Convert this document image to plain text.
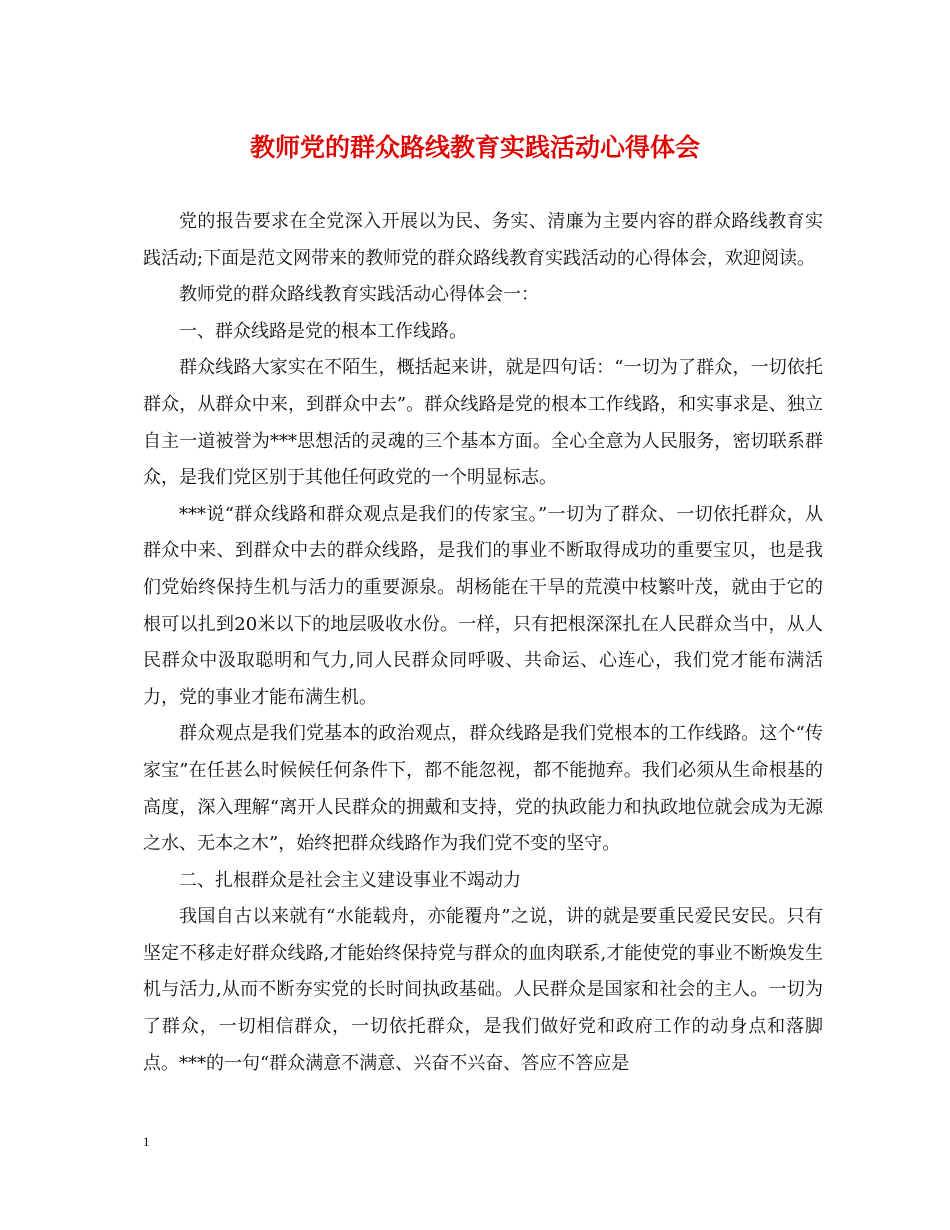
教师党的群众路线教育实践活动心得体会

党的报告要求在全党深入开展以为民、务实、清廉为主要内容的群众路线教育实践活动;下面是范文网带来的教师党的群众路线教育实践活动的心得体会，欢迎阅读。

教师党的群众路线教育实践活动心得体会一：

一、群众线路是党的根本工作线路。

群众线路大家实在不陌生，概括起来讲，就是四句话：“一切为了群众，一切依托群众，从群众中来，到群众中去”。群众线路是党的根本工作线路，和实事求是、独立自主一道被誉为***思想活的灵魂的三个基本方面。全心全意为人民服务，密切联系群众，是我们党区别于其他任何政党的一个明显标志。

***说“群众线路和群众观点是我们的传家宝。”一切为了群众、一切依托群众，从群众中来、到群众中去的群众线路，是我们的事业不断取得成功的重要宝贝，也是我们党始终保持生机与活力的重要源泉。胡杨能在干旱的荒漠中枝繁叶茂，就由于它的根可以扎到20米以下的地层吸收水份。一样，只有把根深深扎在人民群众当中，从人民群众中汲取聪明和气力,同人民群众同呼吸、共命运、心连心，我们党才能布满活力，党的事业才能布满生机。

群众观点是我们党基本的政治观点，群众线路是我们党根本的工作线路。这个“传家宝”在任甚么时候候任何条件下，都不能忽视，都不能抛弃。我们必须从生命根基的高度，深入理解“离开人民群众的拥戴和支持，党的执政能力和执政地位就会成为无源之水、无本之木”，始终把群众线路作为我们党不变的坚守。

二、扎根群众是社会主义建设事业不竭动力

我国自古以来就有“水能载舟，亦能覆舟”之说，讲的就是要重民爱民安民。只有坚定不移走好群众线路,才能始终保持党与群众的血肉联系,才能使党的事业不断焕发生机与活力,从而不断夯实党的长时间执政基础。人民群众是国家和社会的主人。一切为了群众，一切相信群众，一切依托群众，是我们做好党和政府工作的动身点和落脚点。***的一句“群众满意不满意、兴奋不兴奋、答应不答应是

1
